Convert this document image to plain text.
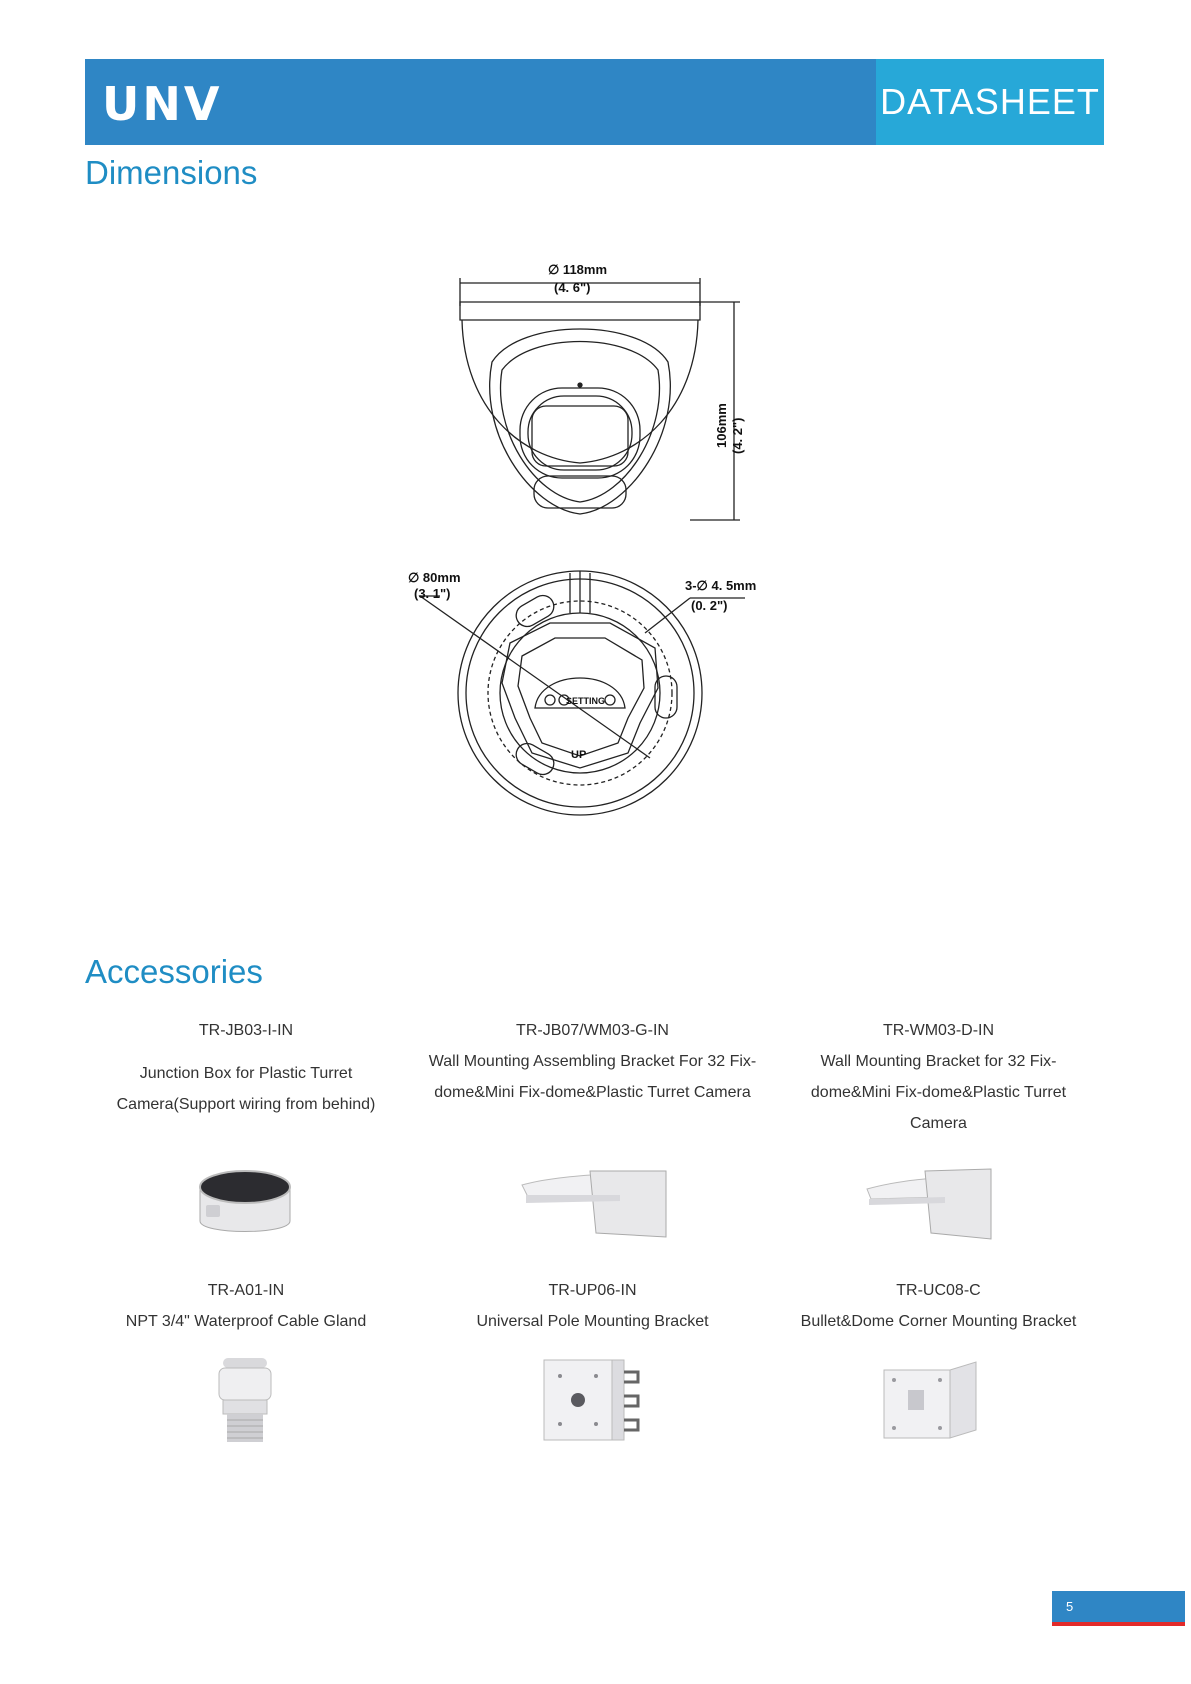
UNV	DATASHEET
Dimensions
∅ 118mm
(4. 6")
106mm (4. 2")
∅ 80mm
(3. 1")
3-∅ 4. 5mm
(0. 2")
SETTING
UP
Accessories
TR-JB03-I-IN
Junction Box for Plastic Turret Camera(Support wiring from behind)
TR-JB07/WM03-G-IN
Wall Mounting Assembling Bracket For 32 Fix-dome&Mini Fix-dome&Plastic Turret Camera
TR-WM03-D-IN
Wall Mounting Bracket for 32 Fix-dome&Mini Fix-dome&Plastic Turret Camera
TR-A01-IN
NPT 3/4" Waterproof Cable Gland
TR-UP06-IN
Universal Pole Mounting Bracket
TR-UC08-C
Bullet&Dome Corner Mounting Bracket
5
